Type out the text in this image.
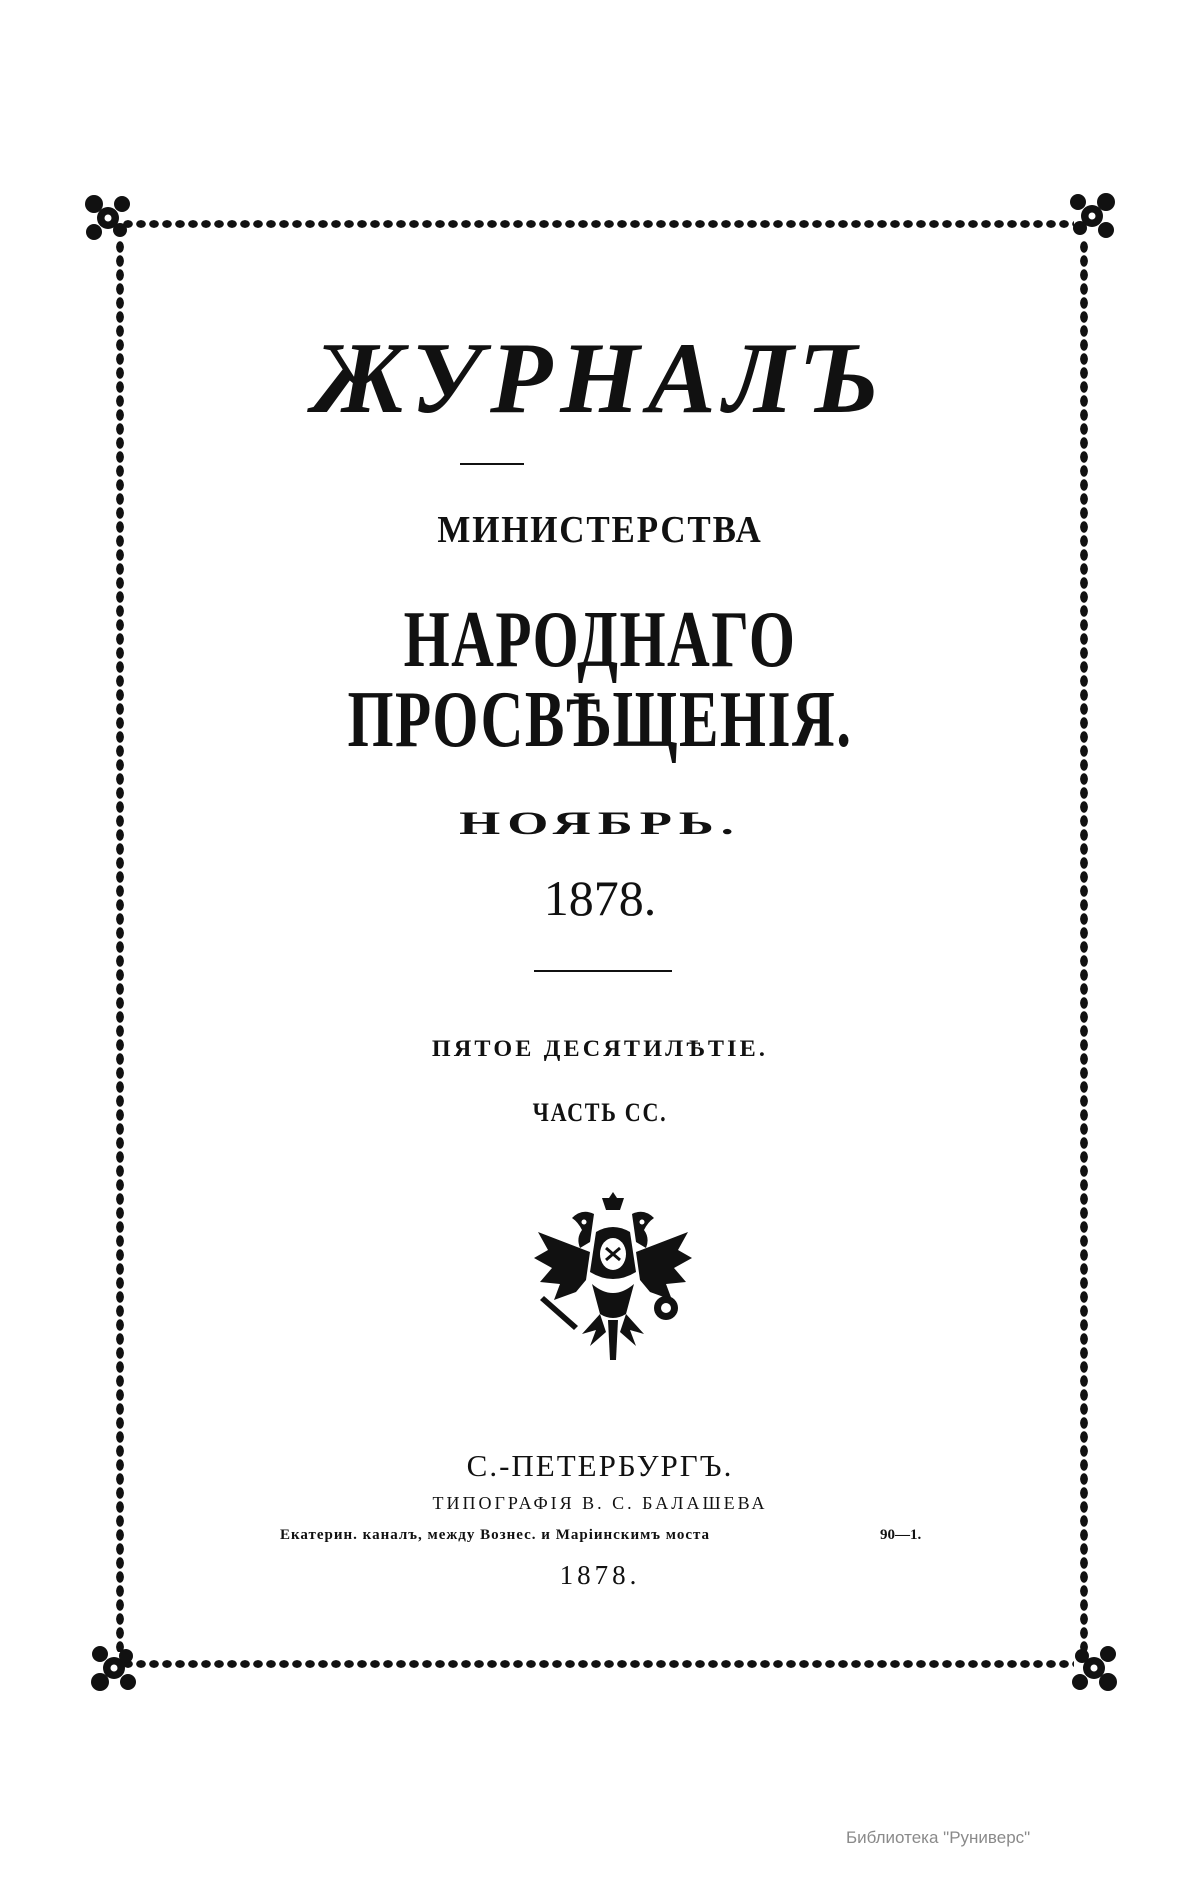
ЖУРНАЛЪ
МИНИСТЕРСТВА
НАРОДНАГО ПРОСВѢЩЕНІЯ.
НОЯБРЬ.
1878.
ПЯТОЕ ДЕСЯТИЛѢТІЕ.
ЧАСТЬ СС.
С.-ПЕТЕРБУРГЪ.
ТИПОГРАФІЯ В. С. БАЛАШЕВА
Екатерин. каналъ, между Вознес. и Маріинскимъ моста	90—1.
1878.
Библиотека "Руниверс"
